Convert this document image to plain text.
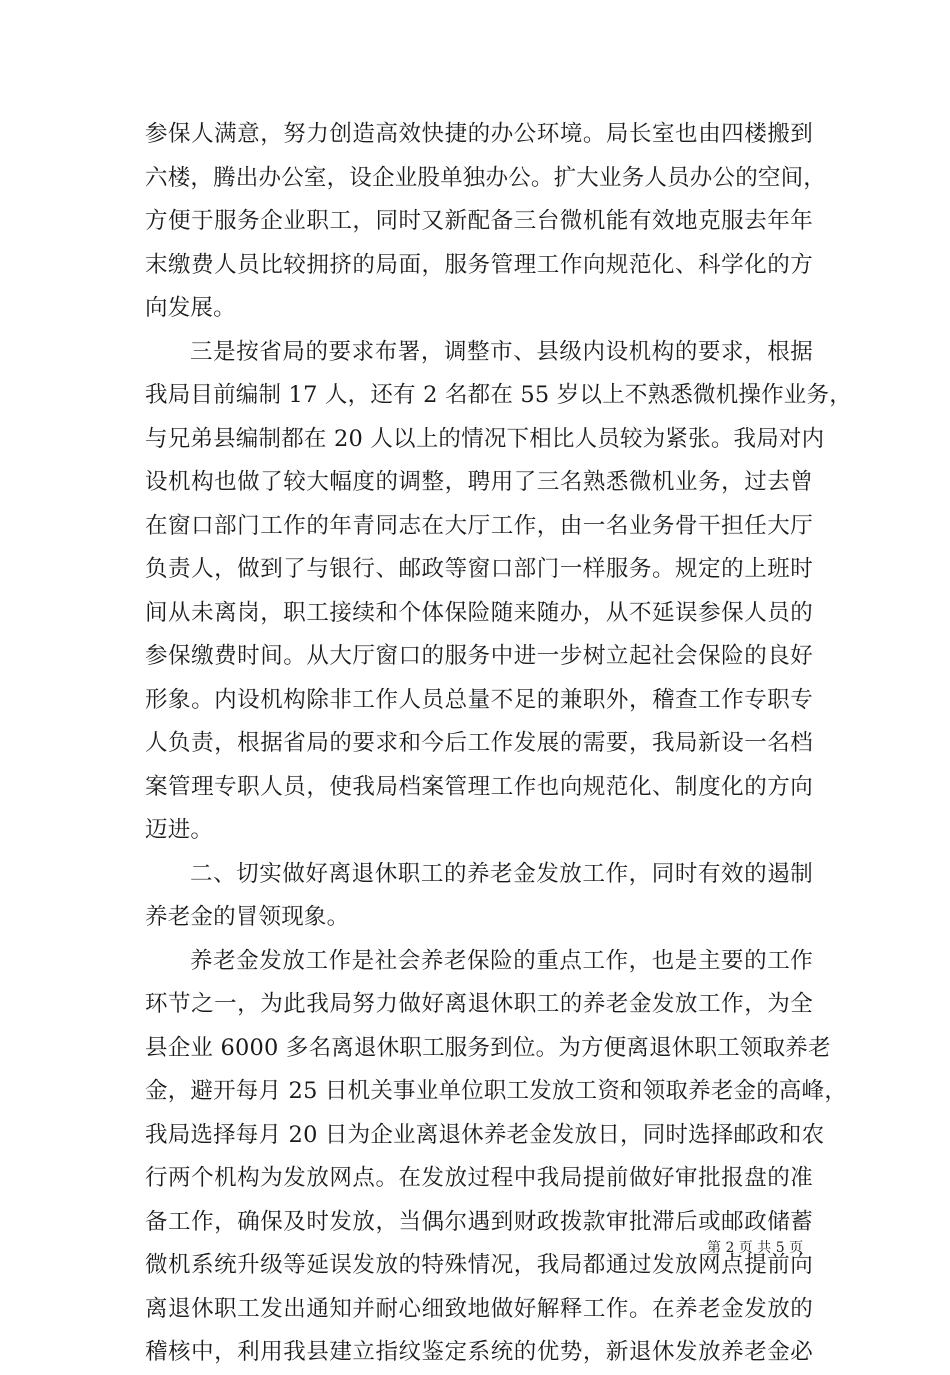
参保人满意，努力创造高效快捷的办公环境。局长室也由四楼搬到
六楼，腾出办公室，设企业股单独办公。扩大业务人员办公的空间，
方便于服务企业职工，同时又新配备三台微机能有效地克服去年年
末缴费人员比较拥挤的局面，服务管理工作向规范化、科学化的方
向发展。
三是按省局的要求布署，调整市、县级内设机构的要求，根据
我局目前编制 17 人，还有 2 名都在 55 岁以上不熟悉微机操作业务，
与兄弟县编制都在 20 人以上的情况下相比人员较为紧张。我局对内
设机构也做了较大幅度的调整，聘用了三名熟悉微机业务，过去曾
在窗口部门工作的年青同志在大厅工作，由一名业务骨干担任大厅
负责人，做到了与银行、邮政等窗口部门一样服务。规定的上班时
间从未离岗，职工接续和个体保险随来随办，从不延误参保人员的
参保缴费时间。从大厅窗口的服务中进一步树立起社会保险的良好
形象。内设机构除非工作人员总量不足的兼职外，稽查工作专职专
人负责，根据省局的要求和今后工作发展的需要，我局新设一名档
案管理专职人员，使我局档案管理工作也向规范化、制度化的方向
迈进。
二、切实做好离退休职工的养老金发放工作，同时有效的遏制
养老金的冒领现象。
养老金发放工作是社会养老保险的重点工作，也是主要的工作
环节之一，为此我局努力做好离退休职工的养老金发放工作，为全
县企业 6000 多名离退休职工服务到位。为方便离退休职工领取养老
金，避开每月 25 日机关事业单位职工发放工资和领取养老金的高峰，
我局选择每月 20 日为企业离退休养老金发放日，同时选择邮政和农
行两个机构为发放网点。在发放过程中我局提前做好审批报盘的准
备工作，确保及时发放，当偶尔遇到财政拨款审批滞后或邮政储蓄
微机系统升级等延误发放的特殊情况，我局都通过发放网点提前向
离退休职工发出通知并耐心细致地做好解释工作。在养老金发放的
稽核中，利用我县建立指纹鉴定系统的优势，新退休发放养老金必
第 2 页 共 5 页
